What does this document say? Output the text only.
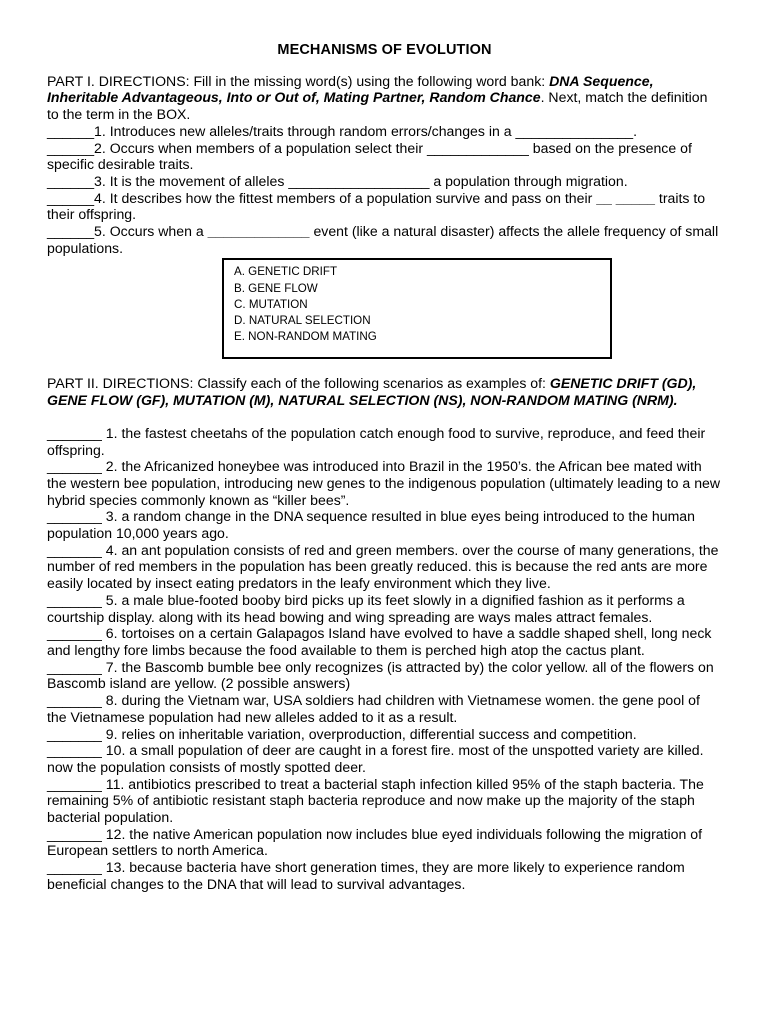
MECHANISMS OF EVOLUTION

PART I. DIRECTIONS: Fill in the missing word(s) using the following word bank: DNA Sequence, Inheritable Advantageous, Into or Out of, Mating Partner, Random Chance. Next, match the definition to the term in the BOX.

______1. Introduces new alleles/traits through random errors/changes in a _______________.

______2. Occurs when members of a population select their _____________ based on the presence of specific desirable traits.

______3. It is the movement of alleles __________________ a population through migration.

______4. It describes how the fittest members of a population survive and pass on their __ _____ traits to their offspring.

______5. Occurs when a _____________ event (like a natural disaster) affects the allele frequency of small populations.

A. GENETIC DRIFT
B. GENE FLOW
C. MUTATION
D. NATURAL SELECTION
E. NON-RANDOM MATING

PART II. DIRECTIONS: Classify each of the following scenarios as examples of: GENETIC DRIFT (GD), GENE FLOW (GF), MUTATION (M), NATURAL SELECTION (NS), NON-RANDOM MATING (NRM).

_______ 1. the fastest cheetahs of the population catch enough food to survive, reproduce, and feed their offspring.

_______ 2. the Africanized honeybee was introduced into Brazil in the 1950’s. the African bee mated with the western bee population, introducing new genes to the indigenous population (ultimately leading to a new hybrid species commonly known as “killer bees”.

_______ 3. a random change in the DNA sequence resulted in blue eyes being introduced to the human population 10,000 years ago.

_______ 4. an ant population consists of red and green members. over the course of many generations, the number of red members in the population has been greatly reduced. this is because the red ants are more easily located by insect eating predators in the leafy environment which they live.

_______ 5. a male blue-footed booby bird picks up its feet slowly in a dignified fashion as it performs a courtship display. along with its head bowing and wing spreading are ways males attract females.

_______ 6. tortoises on a certain Galapagos Island have evolved to have a saddle shaped shell, long neck and lengthy fore limbs because the food available to them is perched high atop the cactus plant.

_______ 7. the Bascomb bumble bee only recognizes (is attracted by) the color yellow. all of the flowers on Bascomb island are yellow. (2 possible answers)

_______ 8. during the Vietnam war, USA soldiers had children with Vietnamese women. the gene pool of the Vietnamese population had new alleles added to it as a result.

_______ 9. relies on inheritable variation, overproduction, differential success and competition.

_______ 10. a small population of deer are caught in a forest fire. most of the unspotted variety are killed. now the population consists of mostly spotted deer.

_______ 11. antibiotics prescribed to treat a bacterial staph infection killed 95% of the staph bacteria. The remaining 5% of antibiotic resistant staph bacteria reproduce and now make up the majority of the staph bacterial population.

_______ 12. the native American population now includes blue eyed individuals following the migration of European settlers to north America.

_______ 13. because bacteria have short generation times, they are more likely to experience random beneficial changes to the DNA that will lead to survival advantages.
